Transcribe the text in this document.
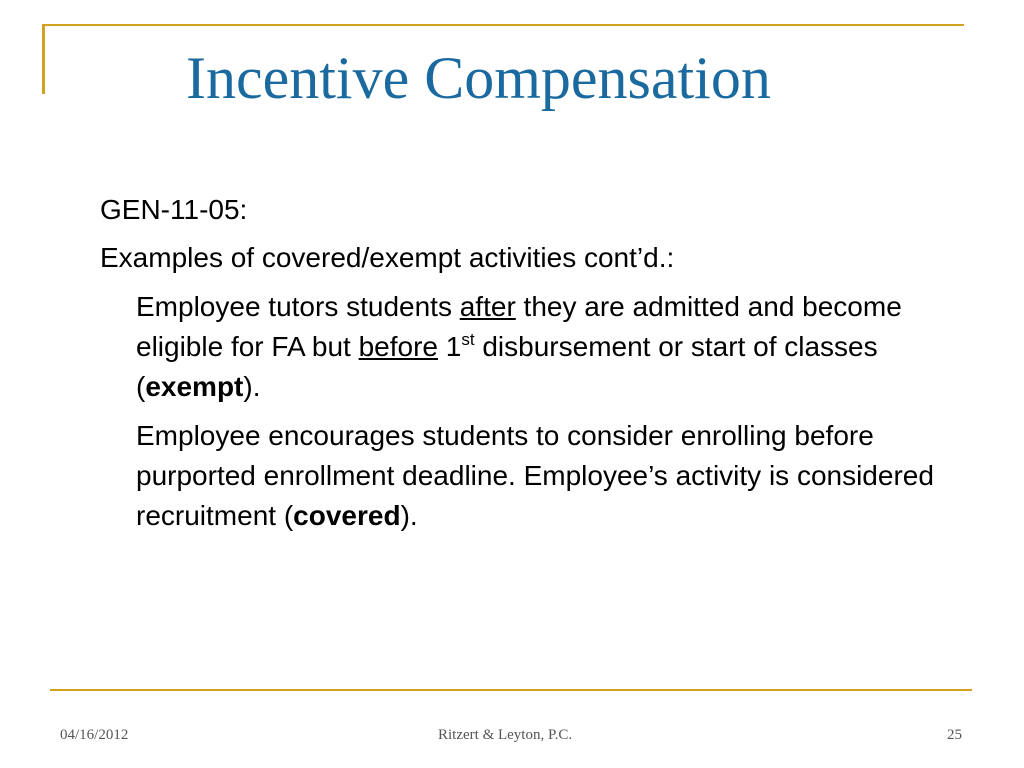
Incentive Compensation

GEN-11-05:

Examples of covered/exempt activities cont’d.:

Employee tutors students after they are admitted and become eligible for FA but before 1st disbursement or start of classes (exempt).

Employee encourages students to consider enrolling before purported enrollment deadline. Employee’s activity is considered recruitment (covered).

04/16/2012	Ritzert & Leyton, P.C.	25
